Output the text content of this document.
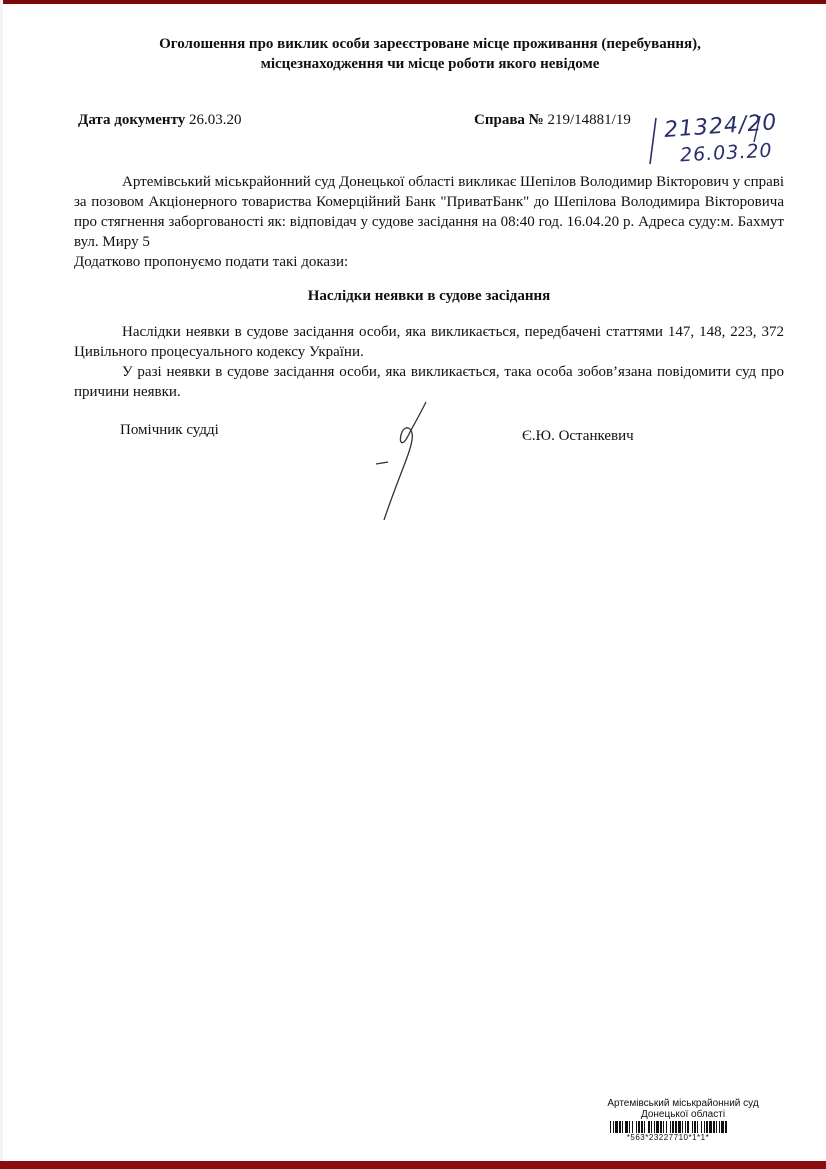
Оголошення про виклик особи зареєстроване місце проживання (перебування),
місцезнаходження чи місце роботи якого невідоме
Дата документу 26.03.20	Справа № 219/14881/19 21324/20
26.03.20
Артемівський міськрайонний суд Донецької області викликає Шепілов Володимир Вікторович у справі за позовом Акціонерного товариства Комерційний Банк "ПриватБанк" до Шепілова Володимира Вікторовича про стягнення заборгованості як: відповідач у судове засідання на 08:40 год. 16.04.20 р. Адреса суду:м. Бахмут вул. Миру 5
Додатково пропонуємо подати такі докази:
Наслідки неявки в судове засідання
Наслідки неявки в судове засідання особи, яка викликається, передбачені статтями 147, 148, 223, 372 Цивільного процесуального кодексу України.
У разі неявки в судове засідання особи, яка викликається, така особа зобов’язана повідомити суд про причини неявки.
Помічник судді	Є.Ю. Останкевич
Артемівський міськрайонний суд
Донецької області
*563*23227710*1*1*
